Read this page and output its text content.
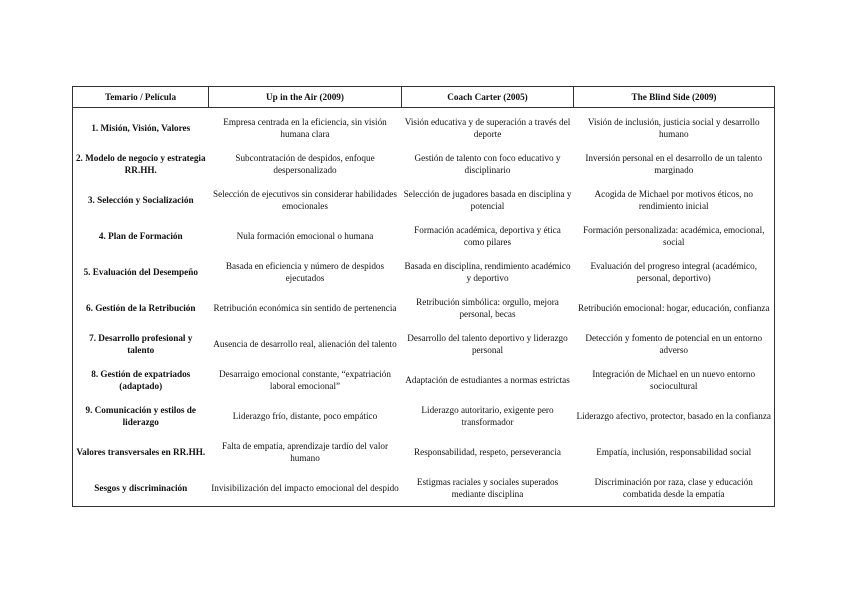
Temario / Película	Up in the Air (2009)	Coach Carter (2005)	The Blind Side (2009)
1. Misión, Visión, Valores	Empresa centrada en la eficiencia, sin visión humana clara	Visión educativa y de superación a través del deporte	Visión de inclusión, justicia social y desarrollo humano
2. Modelo de negocio y estrategia RR.HH.	Subcontratación de despidos, enfoque despersonalizado	Gestión de talento con foco educativo y disciplinario	Inversión personal en el desarrollo de un talento marginado
3. Selección y Socialización	Selección de ejecutivos sin considerar habilidades emocionales	Selección de jugadores basada en disciplina y potencial	Acogida de Michael por motivos éticos, no rendimiento inicial
4. Plan de Formación	Nula formación emocional o humana	Formación académica, deportiva y ética como pilares	Formación personalizada: académica, emocional, social
5. Evaluación del Desempeño	Basada en eficiencia y número de despidos ejecutados	Basada en disciplina, rendimiento académico y deportivo	Evaluación del progreso integral (académico, personal, deportivo)
6. Gestión de la Retribución	Retribución económica sin sentido de pertenencia	Retribución simbólica: orgullo, mejora personal, becas	Retribución emocional: hogar, educación, confianza
7. Desarrollo profesional y talento	Ausencia de desarrollo real, alienación del talento	Desarrollo del talento deportivo y liderazgo personal	Detección y fomento de potencial en un entorno adverso
8. Gestión de expatriados (adaptado)	Desarraigo emocional constante, “expatriación laboral emocional”	Adaptación de estudiantes a normas estrictas	Integración de Michael en un nuevo entorno sociocultural
9. Comunicación y estilos de liderazgo	Liderazgo frío, distante, poco empático	Liderazgo autoritario, exigente pero transformador	Liderazgo afectivo, protector, basado en la confianza
Valores transversales en RR.HH.	Falta de empatía, aprendizaje tardío del valor humano	Responsabilidad, respeto, perseverancia	Empatía, inclusión, responsabilidad social
Sesgos y discriminación	Invisibilización del impacto emocional del despido	Estigmas raciales y sociales superados mediante disciplina	Discriminación por raza, clase y educación combatida desde la empatía
